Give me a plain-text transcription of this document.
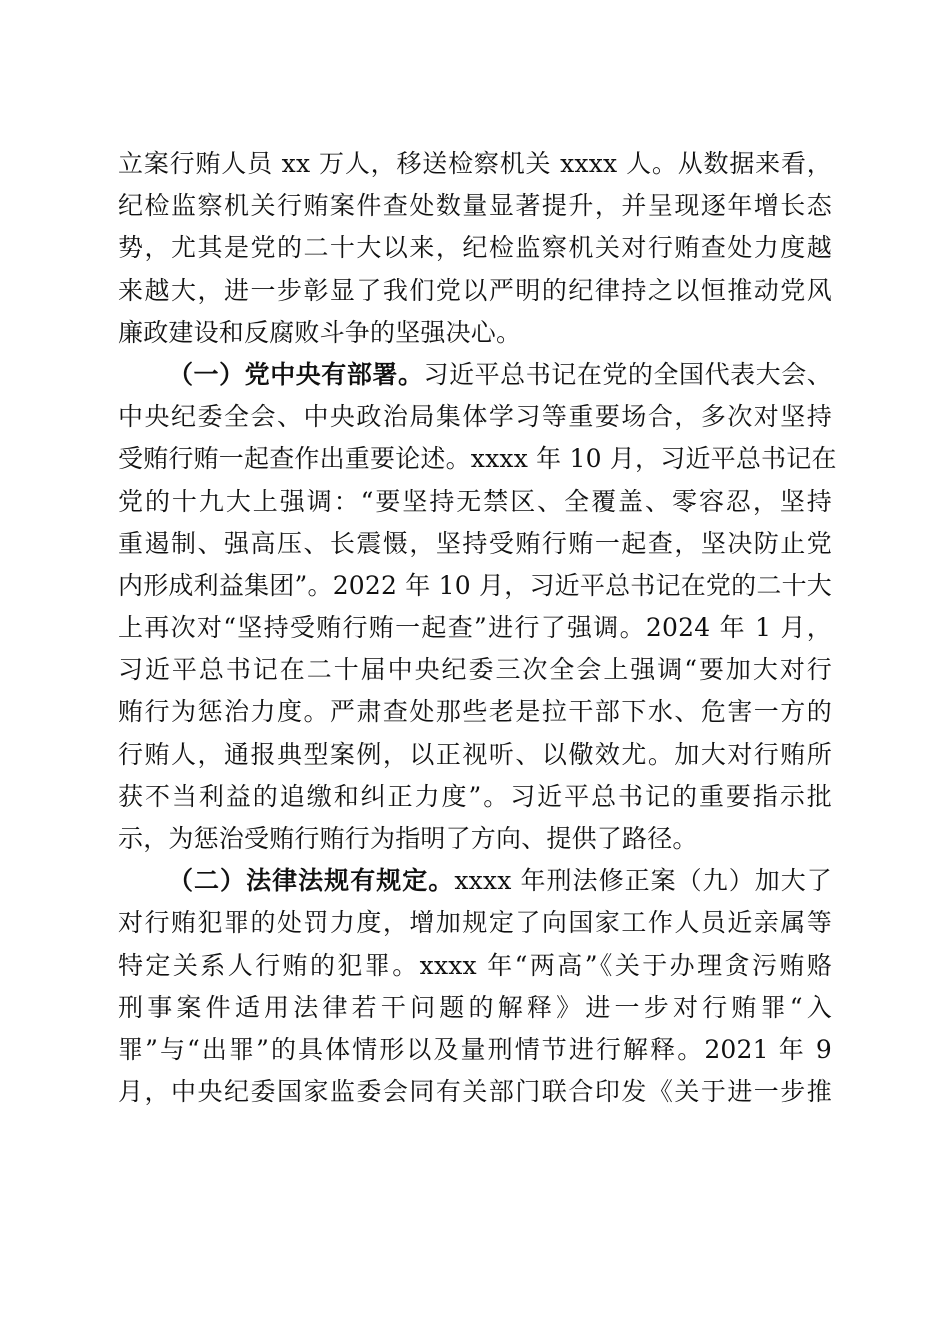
立案行贿人员 xx 万人，移送检察机关 xxxx 人。从数据来看，
纪检监察机关行贿案件查处数量显著提升，并呈现逐年增长态
势，尤其是党的二十大以来，纪检监察机关对行贿查处力度越
来越大，进一步彰显了我们党以严明的纪律持之以恒推动党风
廉政建设和反腐败斗争的坚强决心。
（一）党中央有部署。习近平总书记在党的全国代表大会、
中央纪委全会、中央政治局集体学习等重要场合，多次对坚持
受贿行贿一起查作出重要论述。xxxx 年 10 月，习近平总书记在
党的十九大上强调：“要坚持无禁区、全覆盖、零容忍，坚持
重遏制、强高压、长震慑，坚持受贿行贿一起查，坚决防止党
内形成利益集团”。2022 年 10 月，习近平总书记在党的二十大
上再次对“坚持受贿行贿一起查”进行了强调。2024 年 1 月，
习近平总书记在二十届中央纪委三次全会上强调“要加大对行
贿行为惩治力度。严肃查处那些老是拉干部下水、危害一方的
行贿人，通报典型案例，以正视听、以儆效尤。加大对行贿所
获不当利益的追缴和纠正力度”。习近平总书记的重要指示批
示，为惩治受贿行贿行为指明了方向、提供了路径。
（二）法律法规有规定。xxxx 年刑法修正案（九）加大了
对行贿犯罪的处罚力度，增加规定了向国家工作人员近亲属等
特定关系人行贿的犯罪。xxxx 年“两高”《关于办理贪污贿赂
刑事案件适用法律若干问题的解释》进一步对行贿罪“入
罪”与“出罪”的具体情形以及量刑情节进行解释。2021 年 9
月，中央纪委国家监委会同有关部门联合印发《关于进一步推
